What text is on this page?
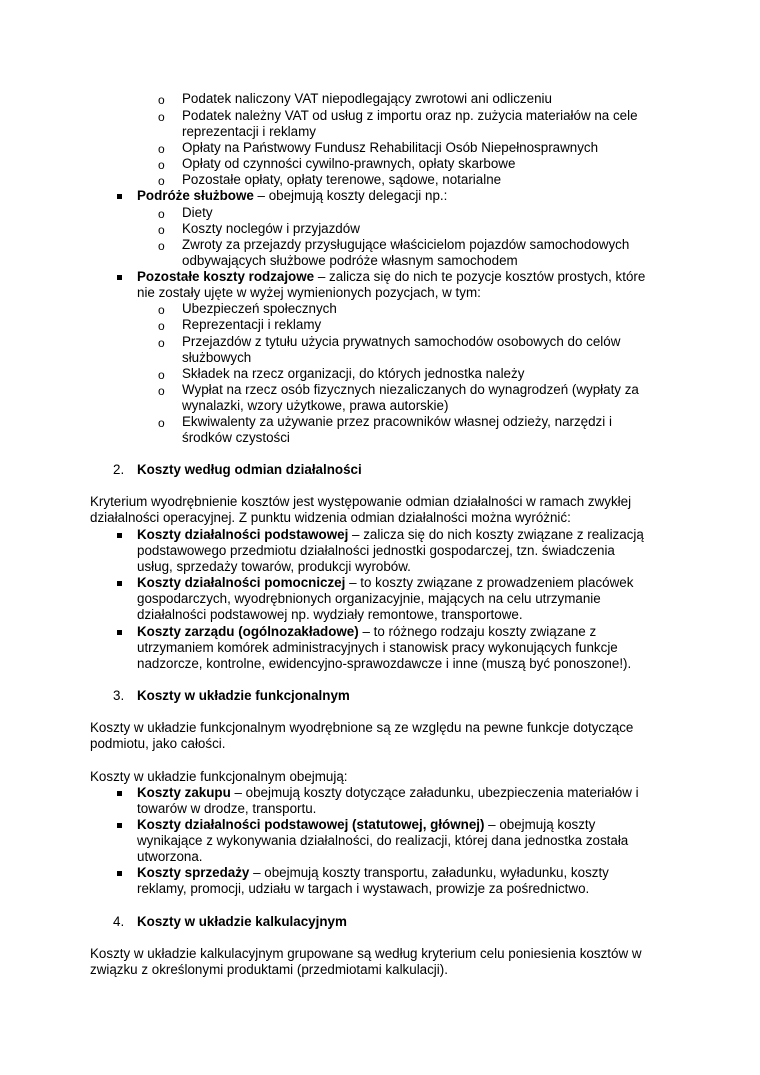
o Podatek naliczony VAT niepodlegający zwrotowi ani odliczeniu
o Podatek należny VAT od usług z importu oraz np. zużycia materiałów na cele
reprezentacji i reklamy
o Opłaty na Państwowy Fundusz Rehabilitacji Osób Niepełnosprawnych
o Opłaty od czynności cywilno-prawnych, opłaty skarbowe
o Pozostałe opłaty, opłaty terenowe, sądowe, notarialne
Podróże służbowe – obejmują koszty delegacji np.:
o Diety
o Koszty noclegów i przyjazdów
o Zwroty za przejazdy przysługujące właścicielom pojazdów samochodowych
odbywających służbowe podróże własnym samochodem
Pozostałe koszty rodzajowe – zalicza się do nich te pozycje kosztów prostych, które
nie zostały ujęte w wyżej wymienionych pozycjach, w tym:
o Ubezpieczeń społecznych
o Reprezentacji i reklamy
o Przejazdów z tytułu użycia prywatnych samochodów osobowych do celów
służbowych
o Składek na rzecz organizacji, do których jednostka należy
o Wypłat na rzecz osób fizycznych niezaliczanych do wynagrodzeń (wypłaty za
wynalazki, wzory użytkowe, prawa autorskie)
o Ekwiwalenty za używanie przez pracowników własnej odzieży, narzędzi i
środków czystości
2. Koszty według odmian działalności
Kryterium wyodrębnienie kosztów jest występowanie odmian działalności w ramach zwykłej
działalności operacyjnej. Z punktu widzenia odmian działalności można wyróżnić:
Koszty działalności podstawowej – zalicza się do nich koszty związane z realizacją
podstawowego przedmiotu działalności jednostki gospodarczej, tzn. świadczenia
usług, sprzedaży towarów, produkcji wyrobów.
Koszty działalności pomocniczej – to koszty związane z prowadzeniem placówek
gospodarczych, wyodrębnionych organizacyjnie, mających na celu utrzymanie
działalności podstawowej np. wydziały remontowe, transportowe.
Koszty zarządu (ogólnozakładowe) – to różnego rodzaju koszty związane z
utrzymaniem komórek administracyjnych i stanowisk pracy wykonujących funkcje
nadzorcze, kontrolne, ewidencyjno-sprawozdawcze i inne (muszą być ponoszone!).
3. Koszty w układzie funkcjonalnym
Koszty w układzie funkcjonalnym wyodrębnione są ze względu na pewne funkcje dotyczące
podmiotu, jako całości.
Koszty w układzie funkcjonalnym obejmują:
Koszty zakupu – obejmują koszty dotyczące załadunku, ubezpieczenia materiałów i
towarów w drodze, transportu.
Koszty działalności podstawowej (statutowej, głównej) – obejmują koszty
wynikające z wykonywania działalności, do realizacji, której dana jednostka została
utworzona.
Koszty sprzedaży – obejmują koszty transportu, załadunku, wyładunku, koszty
reklamy, promocji, udziału w targach i wystawach, prowizje za pośrednictwo.
4. Koszty w układzie kalkulacyjnym
Koszty w układzie kalkulacyjnym grupowane są według kryterium celu poniesienia kosztów w
związku z określonymi produktami (przedmiotami kalkulacji).
